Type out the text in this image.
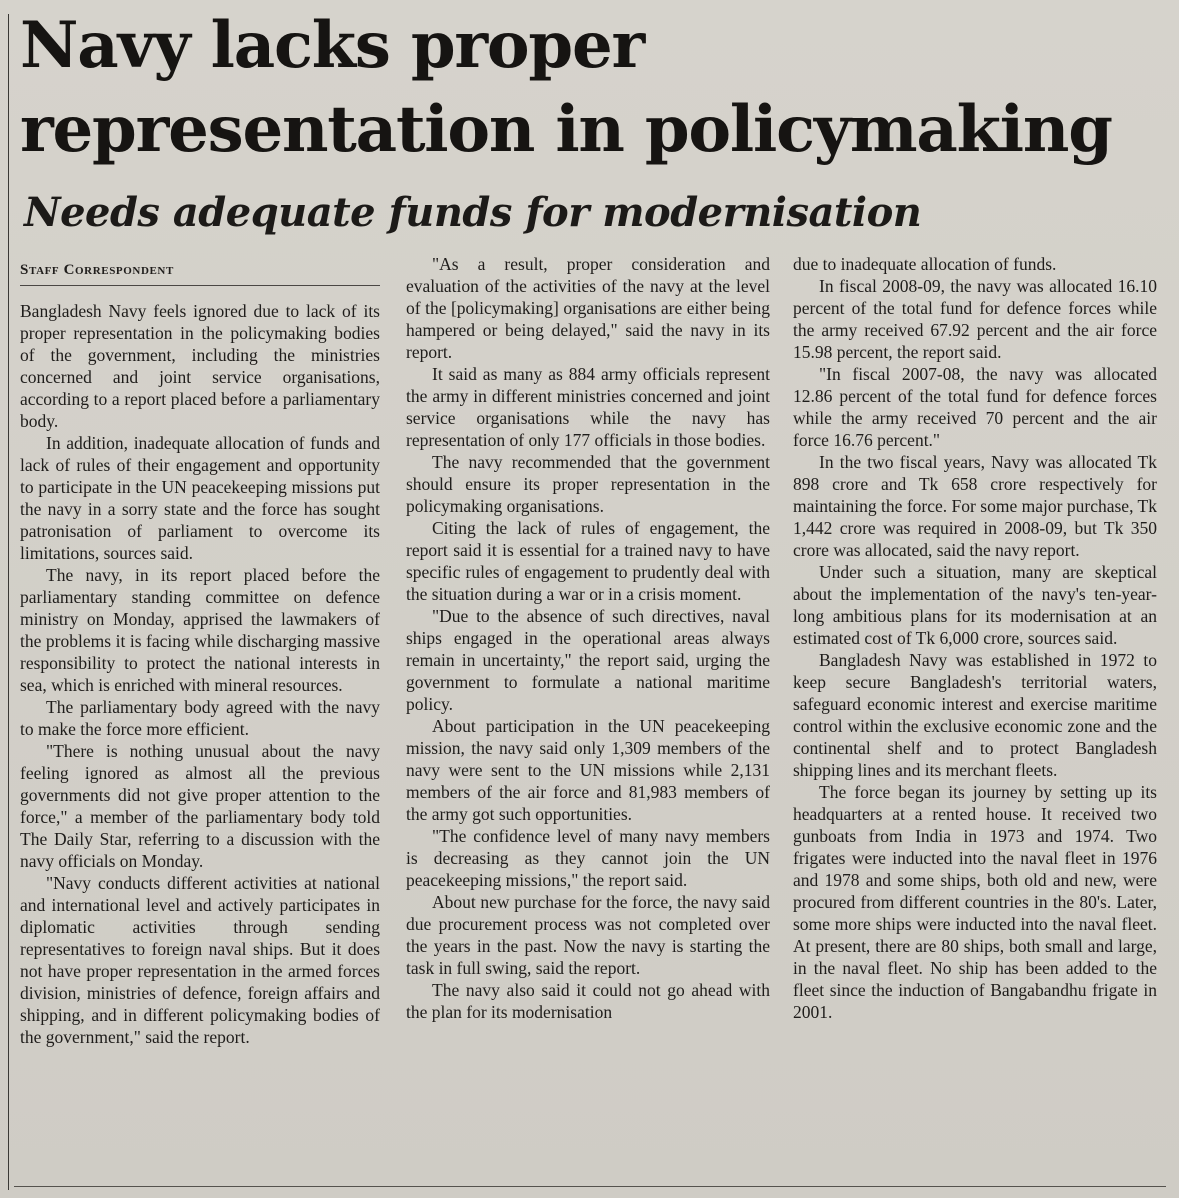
Navy lacks proper representation in policymaking
Needs adequate funds for modernisation
Staff Correspondent

Bangladesh Navy feels ignored due to lack of its proper representation in the policymaking bodies of the government, including the ministries concerned and joint service organisations, according to a report placed before a parliamentary body.

In addition, inadequate allocation of funds and lack of rules of their engagement and opportunity to participate in the UN peacekeeping missions put the navy in a sorry state and the force has sought patronisation of parliament to overcome its limitations, sources said.

The navy, in its report placed before the parliamentary standing committee on defence ministry on Monday, apprised the lawmakers of the problems it is facing while discharging massive responsibility to protect the national interests in sea, which is enriched with mineral resources.

The parliamentary body agreed with the navy to make the force more efficient.

"There is nothing unusual about the navy feeling ignored as almost all the previous governments did not give proper attention to the force," a member of the parliamentary body told The Daily Star, referring to a discussion with the navy officials on Monday.

"Navy conducts different activities at national and international level and actively participates in diplomatic activities through sending representatives to foreign naval ships. But it does not have proper representation in the armed forces division, ministries of defence, foreign affairs and shipping, and in different policymaking bodies of the government," said the report.

"As a result, proper consideration and evaluation of the activities of the navy at the level of the [policymaking] organisations are either being hampered or being delayed," said the navy in its report.

It said as many as 884 army officials represent the army in different ministries concerned and joint service organisations while the navy has representation of only 177 officials in those bodies.

The navy recommended that the government should ensure its proper representation in the policymaking organisations.

Citing the lack of rules of engagement, the report said it is essential for a trained navy to have specific rules of engagement to prudently deal with the situation during a war or in a crisis moment.

"Due to the absence of such directives, naval ships engaged in the operational areas always remain in uncertainty," the report said, urging the government to formulate a national maritime policy.

About participation in the UN peacekeeping mission, the navy said only 1,309 members of the navy were sent to the UN missions while 2,131 members of the air force and 81,983 members of the army got such opportunities.

"The confidence level of many navy members is decreasing as they cannot join the UN peacekeeping missions," the report said.

About new purchase for the force, the navy said due procurement process was not completed over the years in the past. Now the navy is starting the task in full swing, said the report.

The navy also said it could not go ahead with the plan for its modernisation

due to inadequate allocation of funds.

In fiscal 2008-09, the navy was allocated 16.10 percent of the total fund for defence forces while the army received 67.92 percent and the air force 15.98 percent, the report said.

"In fiscal 2007-08, the navy was allocated 12.86 percent of the total fund for defence forces while the army received 70 percent and the air force 16.76 percent."

In the two fiscal years, Navy was allocated Tk 898 crore and Tk 658 crore respectively for maintaining the force. For some major purchase, Tk 1,442 crore was required in 2008-09, but Tk 350 crore was allocated, said the navy report.

Under such a situation, many are skeptical about the implementation of the navy's ten-year-long ambitious plans for its modernisation at an estimated cost of Tk 6,000 crore, sources said.

Bangladesh Navy was established in 1972 to keep secure Bangladesh's territorial waters, safeguard economic interest and exercise maritime control within the exclusive economic zone and the continental shelf and to protect Bangladesh shipping lines and its merchant fleets.

The force began its journey by setting up its headquarters at a rented house. It received two gunboats from India in 1973 and 1974. Two frigates were inducted into the naval fleet in 1976 and 1978 and some ships, both old and new, were procured from different countries in the 80's. Later, some more ships were inducted into the naval fleet. At present, there are 80 ships, both small and large, in the naval fleet. No ship has been added to the fleet since the induction of Bangabandhu frigate in 2001.
